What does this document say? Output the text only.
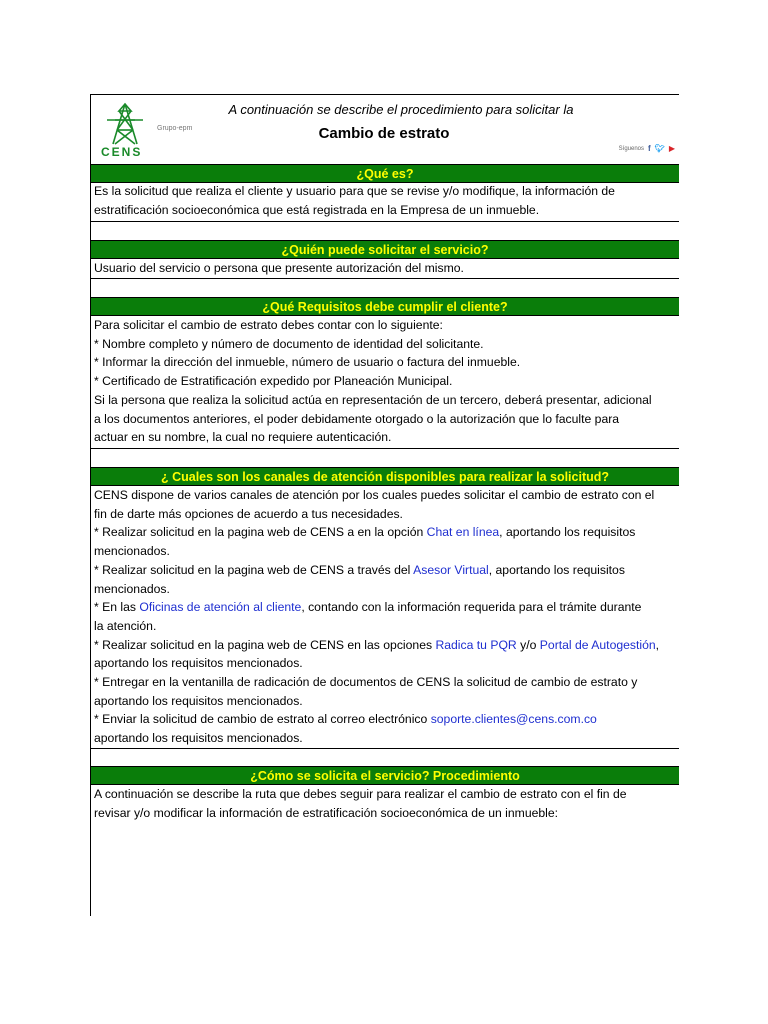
CENS
Grupo-epm
A continuación se describe el procedimiento para solicitar la
Cambio de estrato
Síguenos f 🐦︎ ▶
¿Qué es?
Es la solicitud que realiza el cliente y usuario para que se revise y/o modifique, la información de
estratificación socioeconómica que está registrada en la Empresa de un inmueble.
¿Quién puede solicitar el servicio?
Usuario del servicio o persona que presente autorización del mismo.
¿Qué Requisitos debe cumplir el cliente?
Para solicitar el cambio de estrato debes contar con lo siguiente:
* Nombre completo y número de documento de identidad del solicitante.
* Informar la dirección del inmueble, número de usuario o factura del inmueble.
* Certificado de Estratificación expedido por Planeación Municipal.
Si la persona que realiza la solicitud actúa en representación de un tercero, deberá presentar, adicional
a los documentos anteriores, el poder debidamente otorgado o la autorización que lo faculte para
actuar en su nombre, la cual no requiere autenticación.
¿ Cuales son los canales de atención disponibles para realizar la solicitud?
CENS dispone de varios canales de atención por los cuales puedes solicitar el cambio de estrato con el
fin de darte más opciones de acuerdo a tus necesidades.
* Realizar solicitud en la pagina web de CENS a en la opción Chat en línea, aportando los requisitos
mencionados.
* Realizar solicitud en la pagina web de CENS a través del Asesor Virtual, aportando los requisitos
mencionados.
* En las Oficinas de atención al cliente, contando con la información requerida para el trámite durante
la atención.
* Realizar solicitud en la pagina web de CENS en las opciones Radica tu PQR y/o Portal de Autogestión,
aportando los requisitos mencionados.
* Entregar en la ventanilla de radicación de documentos de CENS la solicitud de cambio de estrato y
aportando los requisitos mencionados.
* Enviar la solicitud de cambio de estrato al correo electrónico soporte.clientes@cens.com.co
aportando los requisitos mencionados.
¿Cómo se solicita el servicio? Procedimiento
A continuación se describe la ruta que debes seguir para realizar el cambio de estrato con el fin de
revisar y/o modificar la información de estratificación socioeconómica de un inmueble:
